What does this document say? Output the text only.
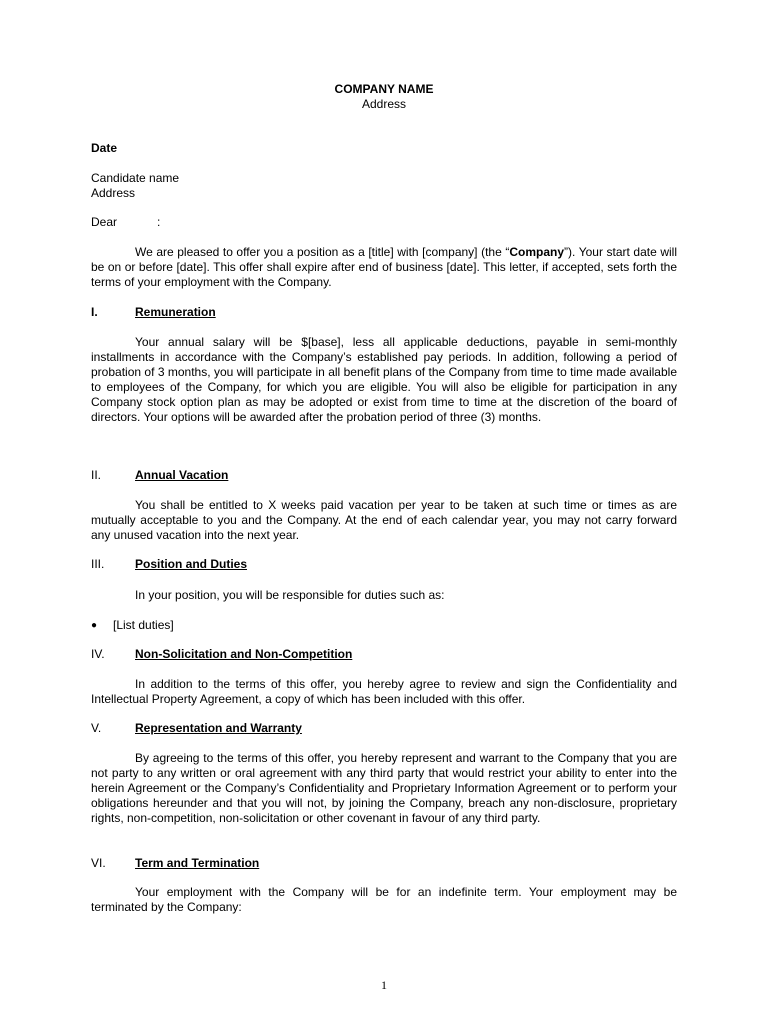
COMPANY NAME
Address
Date
Candidate name
Address
Dear	:
We are pleased to offer you a position as a [title] with [company] (the “Company”). Your start date will be on or before [date]. This offer shall expire after end of business [date]. This letter, if accepted, sets forth the terms of your employment with the Company.
I.	Remuneration
Your annual salary will be $[base], less all applicable deductions, payable in semi-monthly installments in accordance with the Company’s established pay periods. In addition, following a period of probation of 3 months, you will participate in all benefit plans of the Company from time to time made available to employees of the Company, for which you are eligible. You will also be eligible for participation in any Company stock option plan as may be adopted or exist from time to time at the discretion of the board of directors. Your options will be awarded after the probation period of three (3) months.
II.	Annual Vacation
You shall be entitled to X weeks paid vacation per year to be taken at such time or times as are mutually acceptable to you and the Company. At the end of each calendar year, you may not carry forward any unused vacation into the next year.
III.	Position and Duties
In your position, you will be responsible for duties such as:
● [List duties]
IV.	Non-Solicitation and Non-Competition
In addition to the terms of this offer, you hereby agree to review and sign the Confidentiality and Intellectual Property Agreement, a copy of which has been included with this offer.
V.	Representation and Warranty
By agreeing to the terms of this offer, you hereby represent and warrant to the Company that you are not party to any written or oral agreement with any third party that would restrict your ability to enter into the herein Agreement or the Company’s Confidentiality and Proprietary Information Agreement or to perform your obligations hereunder and that you will not, by joining the Company, breach any non-disclosure, proprietary rights, non-competition, non-solicitation or other covenant in favour of any third party.
VI. Term and Termination
Your employment with the Company will be for an indefinite term. Your employment may be terminated by the Company:
1
